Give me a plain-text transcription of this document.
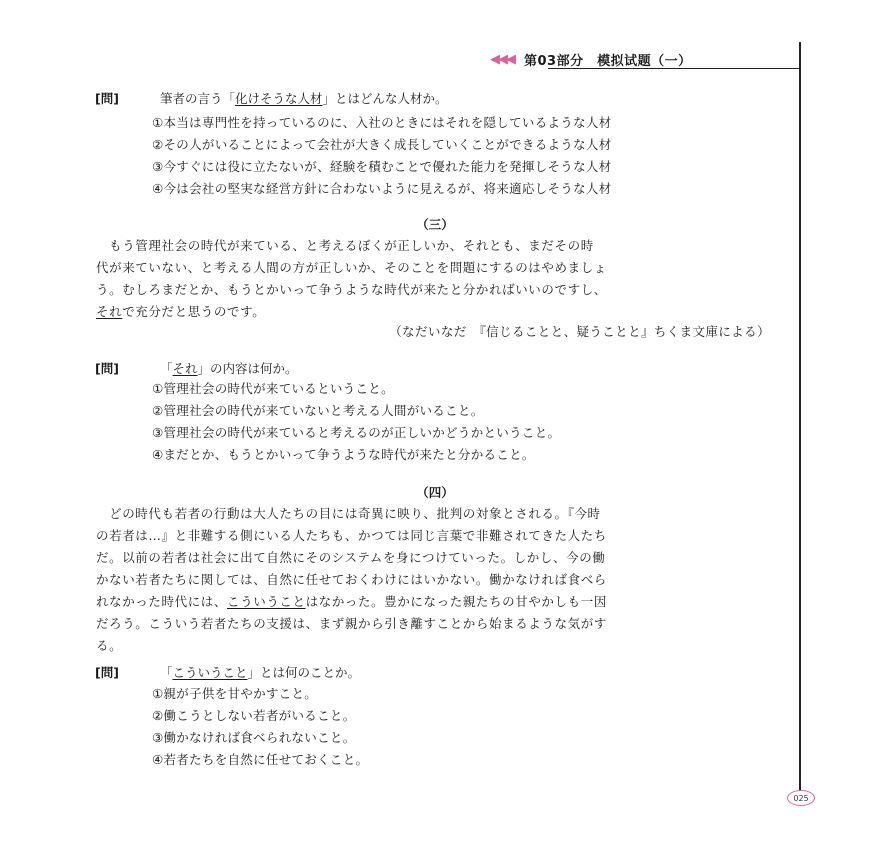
◀◀◀ 第03部分　模拟试题（一）
[問]	筆者の言う「化けそうな人材」とはどんな人材か。
①本当は専門性を持っているのに、入社のときにはそれを隠しているような人材
②その人がいることによって会社が大きく成長していくことができるような人材
③今すぐには役に立たないが、経験を積むことで優れた能力を発揮しそうな人材
④今は会社の堅実な経営方針に合わないように見えるが、将来適応しそうな人材
（三）

　もう管理社会の時代が来ている、と考えるぼくが正しいか、それとも、まだその時

代が来ていない、と考える人間の方が正しいか、そのことを問題にするのはやめましょ

う。むしろまだとか、もうとかいって争うような時代が来たと分かればいいのですし、

それで充分だと思うのです。

（なだいなだ　『信じることと、疑うことと』ちくま文庫による）
[問]	「それ」の内容は何か。
①管理社会の時代が来ているということ。
②管理社会の時代が来ていないと考える人間がいること。
③管理社会の時代が来ていると考えるのが正しいかどうかということ。
④まだとか、もうとかいって争うような時代が来たと分かること。
（四）

　どの時代も若者の行動は大人たちの目には奇異に映り、批判の対象とされる。『今時

の若者は…』と非難する側にいる人たちも、かつては同じ言葉で非難されてきた人たち

だ。以前の若者は社会に出て自然にそのシステムを身につけていった。しかし、今の働

かない若者たちに関しては、自然に任せておくわけにはいかない。働かなければ食べら

れなかった時代には、こういうことはなかった。豊かになった親たちの甘やかしも一因

だろう。こういう若者たちの支援は、まず親から引き離すことから始まるような気がす

る。

[問]	「こういうこと」とは何のことか。
①親が子供を甘やかすこと。
②働こうとしない若者がいること。
③働かなければ食べられないこと。
④若者たちを自然に任せておくこと。
025
